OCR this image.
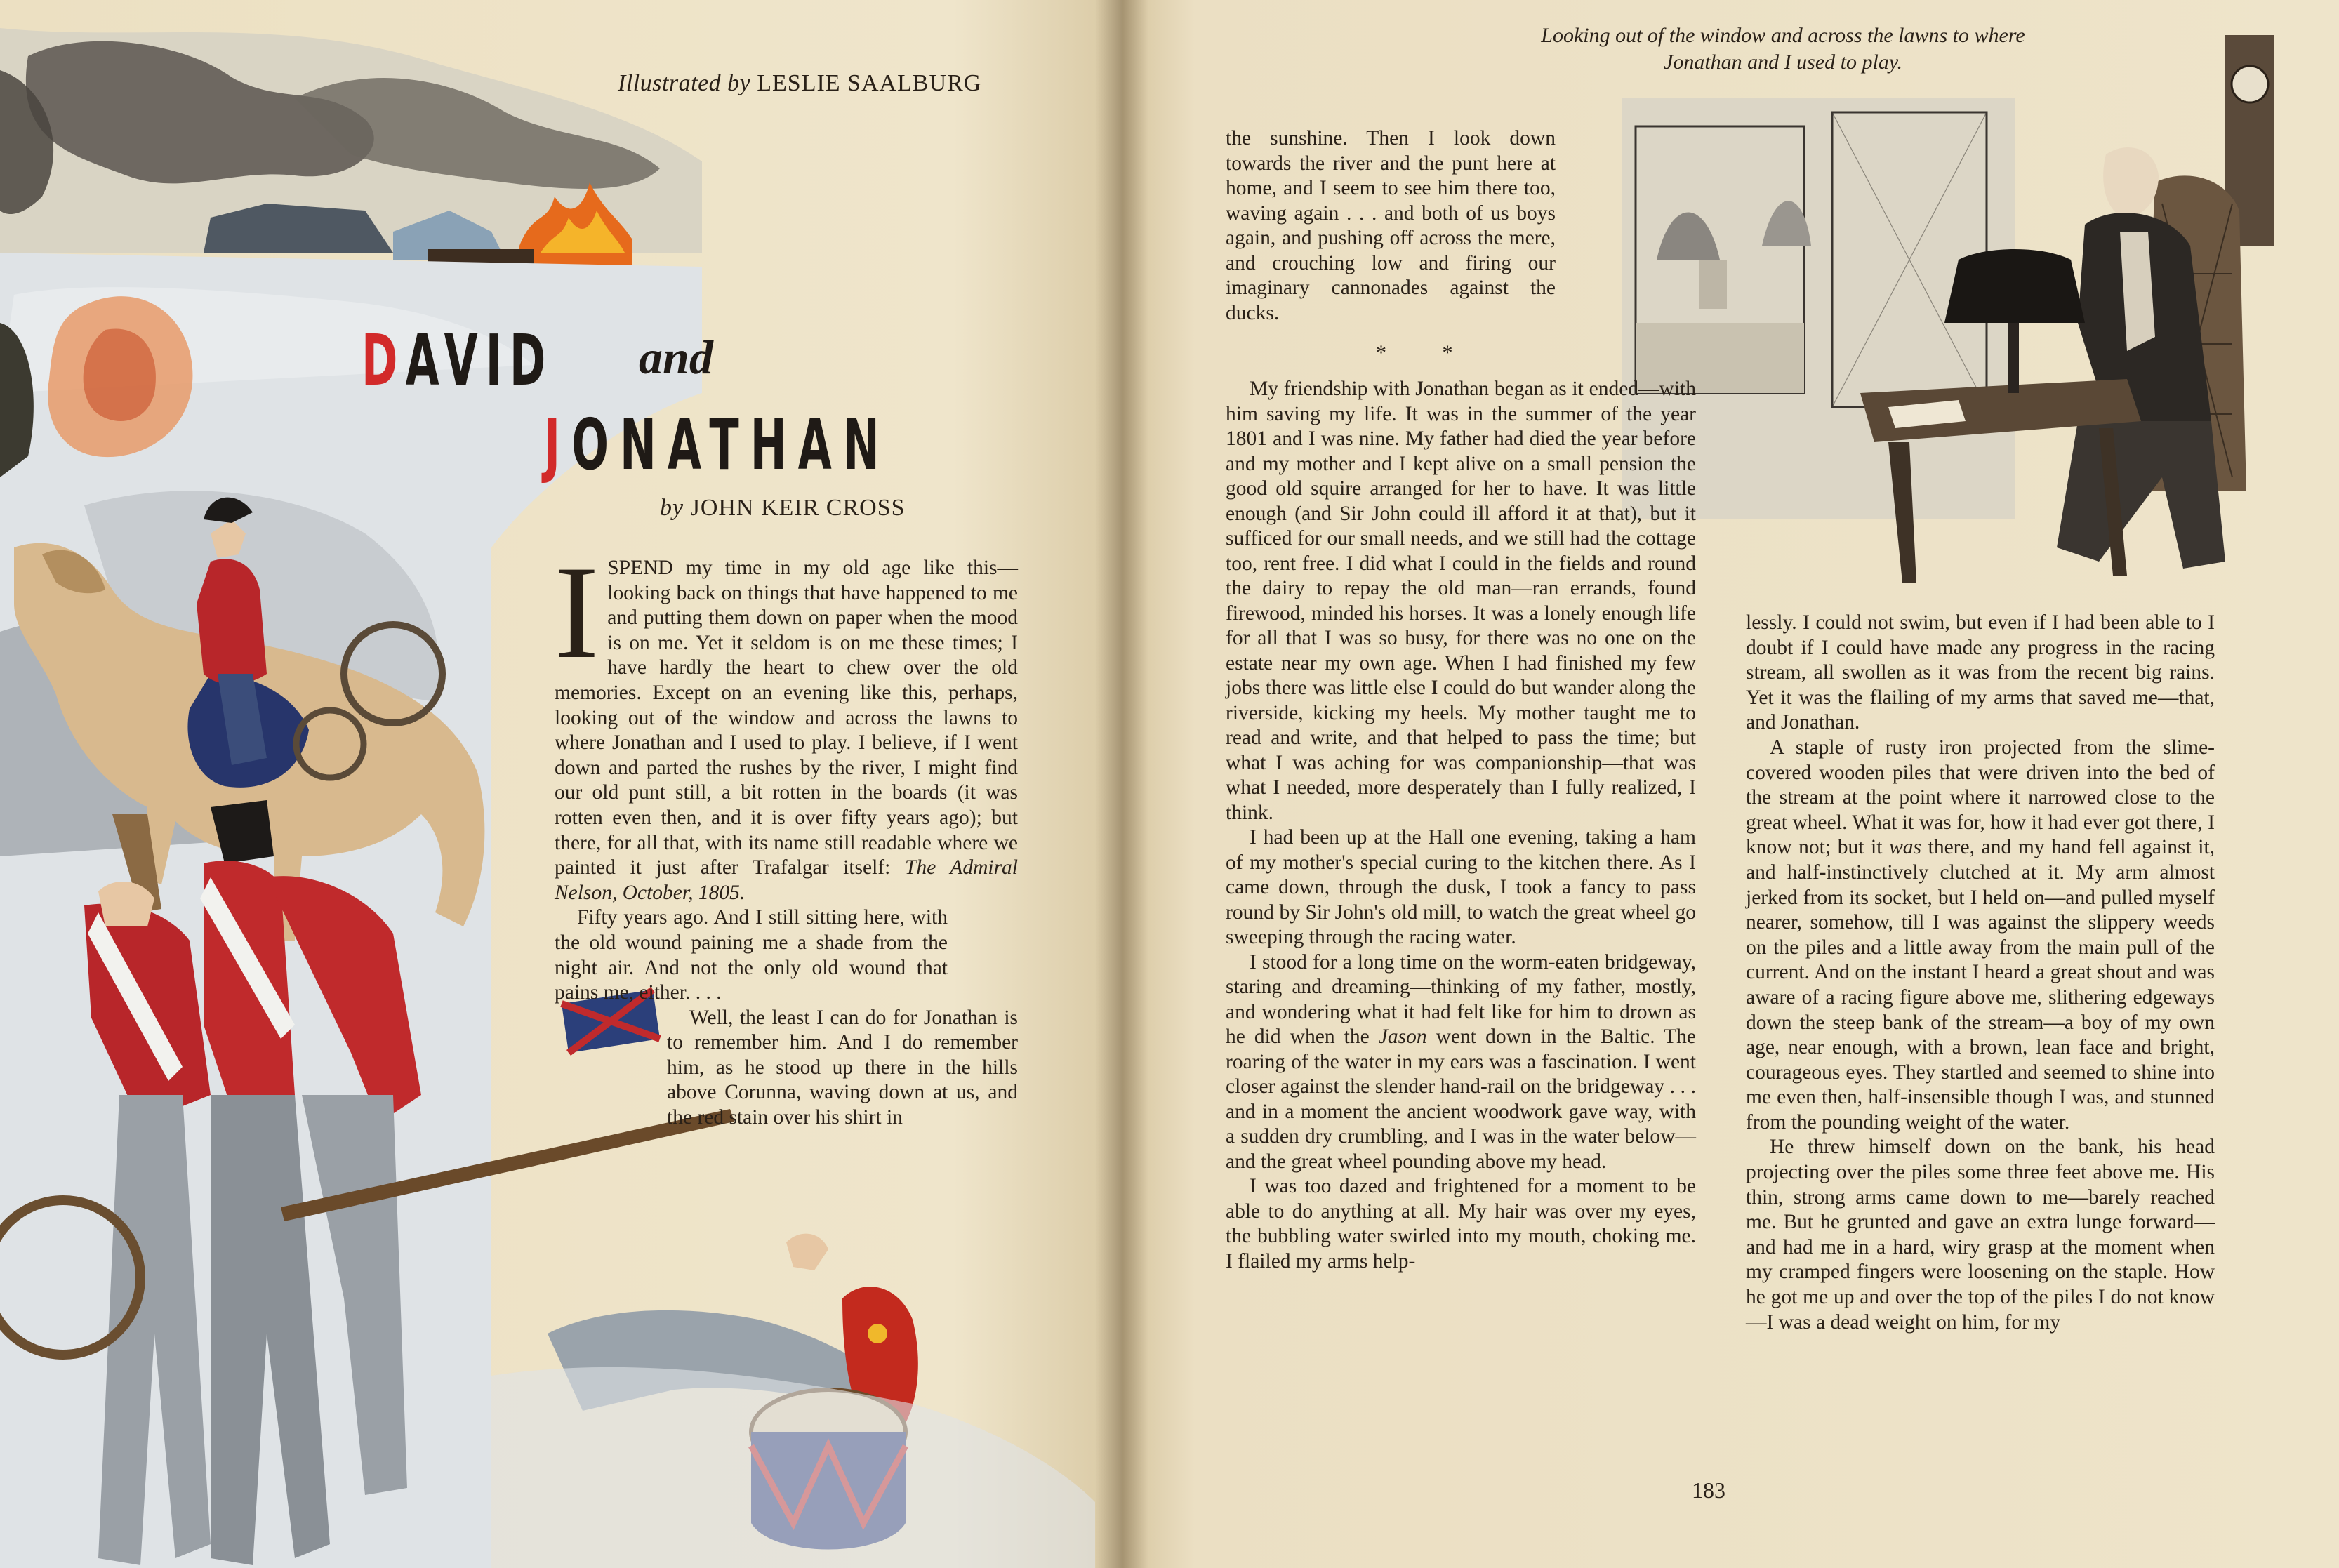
Illustrated by LESLIE SAALBURG
DAVID and
JONATHAN
by JOHN KEIR CROSS

ISPEND my time in my old age like this—looking back on things that have happened to me and putting them down on paper when the mood is on me. Yet it seldom is on me these times; I have hardly the heart to chew over the old memories. Except on an evening like this, perhaps, looking out of the window and across the lawns to where Jonathan and I used to play. I believe, if I went down and parted the rushes by the river, I might find our old punt still, a bit rotten in the boards (it was rotten even then, and it is over fifty years ago); but there, for all that, with its name still readable where we painted it just after Trafalgar itself: The Admiral Nelson, October, 1805.

Fifty years ago. And I still sitting here, with the old wound paining me a shade from the night air. And not the only old wound that pains me, either. . . .

Well, the least I can do for Jonathan is to remember him. And I do remember him, as he stood up there in the hills above Corunna, waving down at us, and the red stain over his shirt in

Looking out of the window and across the lawns to where Jonathan and I used to play.

the sunshine. Then I look down towards the river and the punt here at home, and I seem to see him there too, waving again . . . and both of us boys again, and pushing off across the mere, and crouching low and firing our imaginary cannonades against the ducks.

* *

My friendship with Jonathan began as it ended—with him saving my life. It was in the summer of the year 1801 and I was nine. My father had died the year before and my mother and I kept alive on a small pension the good old squire arranged for her to have. It was little enough (and Sir John could ill afford it at that), but it sufficed for our small needs, and we still had the cottage too, rent free. I did what I could in the fields and round the dairy to repay the old man—ran errands, found firewood, minded his horses. It was a lonely enough life for all that I was so busy, for there was no one on the estate near my own age. When I had finished my few jobs there was little else I could do but wander along the riverside, kicking my heels. My mother taught me to read and write, and that helped to pass the time; but what I was aching for was companionship—that was what I needed, more desperately than I fully realized, I think.

I had been up at the Hall one evening, taking a ham of my mother's special curing to the kitchen there. As I came down, through the dusk, I took a fancy to pass round by Sir John's old mill, to watch the great wheel go sweeping through the racing water.

I stood for a long time on the worm-eaten bridgeway, staring and dreaming—thinking of my father, mostly, and wondering what it had felt like for him to drown as he did when the Jason went down in the Baltic. The roaring of the water in my ears was a fascination. I went closer against the slender hand-rail on the bridgeway . . . and in a moment the ancient woodwork gave way, with a sudden dry crumbling, and I was in the water below—and the great wheel pounding above my head.

I was too dazed and frightened for a moment to be able to do anything at all. My hair was over my eyes, the bubbling water swirled into my mouth, choking me. I flailed my arms help-

lessly. I could not swim, but even if I had been able to I doubt if I could have made any progress in the racing stream, all swollen as it was from the recent big rains. Yet it was the flailing of my arms that saved me—that, and Jonathan.

A staple of rusty iron projected from the slime-covered wooden piles that were driven into the bed of the stream at the point where it narrowed close to the great wheel. What it was for, how it had ever got there, I know not; but it was there, and my hand fell against it, and half-instinctively clutched at it. My arm almost jerked from its socket, but I held on—and pulled myself nearer, somehow, till I was against the slippery weeds on the piles and a little away from the main pull of the current. And on the instant I heard a great shout and was aware of a racing figure above me, slithering edgeways down the steep bank of the stream—a boy of my own age, near enough, with a brown, lean face and bright, courageous eyes. They startled and seemed to shine into me even then, half-insensible though I was, and stunned from the pounding weight of the water.

He threw himself down on the bank, his head projecting over the piles some three feet above me. His thin, strong arms came down to me—barely reached me. But he grunted and gave an extra lunge forward—and had me in a hard, wiry grasp at the moment when my cramped fingers were loosening on the staple. How he got me up and over the top of the piles I do not know—I was a dead weight on him, for my

183
